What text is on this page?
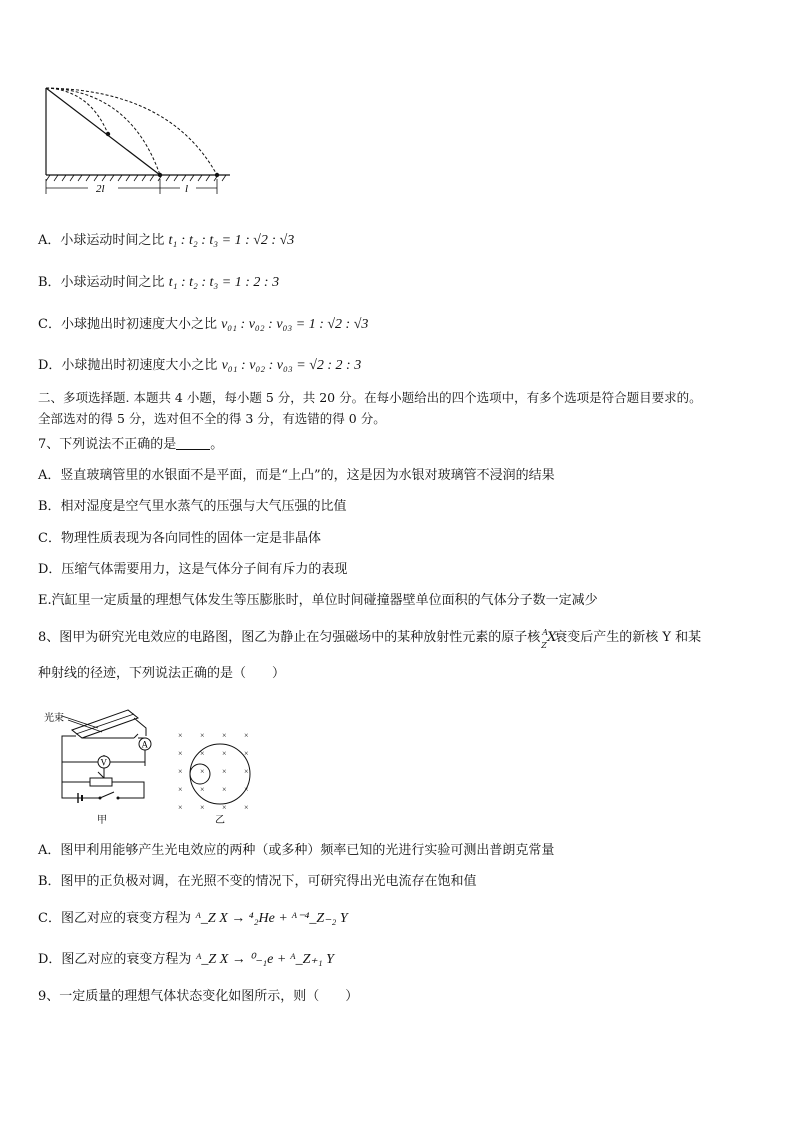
2l	l
A．小球运动时间之比 t₁ : t₂ : t₃ = 1 : √2 : √3
B．小球运动时间之比 t₁ : t₂ : t₃ = 1 : 2 : 3
C．小球抛出时初速度大小之比 v₀₁ : v₀₂ : v₀₃ = 1 : √2 : √3
D．小球抛出时初速度大小之比 v₀₁ : v₀₂ : v₀₃ = √2 : 2 : 3
二、多项选择题. 本题共 4 小题，每小题 5 分，共 20 分。在每小题给出的四个选项中，有多个选项是符合题目要求的。
全部选对的得 5 分，选对但不全的得 3 分，有选错的得 0 分。
7、下列说法不正确的是	。
A．竖直玻璃管里的水银面不是平面，而是“上凸”的，这是因为水银对玻璃管不浸润的结果
B．相对湿度是空气里水蒸气的压强与大气压强的比值
C．物理性质表现为各向同性的固体一定是非晶体
D．压缩气体需要用力，这是气体分子间有斥力的表现
E.汽缸里一定质量的理想气体发生等压膨胀时，单位时间碰撞器壁单位面积的气体分子数一定减少
8、图甲为研究光电效应的电路图，图乙为静止在匀强磁场中的某种放射性元素的原子核 A
Z
X
衰变后产生的新核 Y 和某
种射线的径迹，下列说法正确的是（　　）
光束
A
V
甲
× × × ×
× × × ×
× × × ×
× × × ×
× × × ×
乙
A．图甲利用能够产生光电效应的两种（或多种）频率已知的光进行实验可测出普朗克常量
B．图甲的正负极对调，在光照不变的情况下，可研究得出光电流存在饱和值
C．图乙对应的衰变方程为 ᴬ_Z X → ⁴₂He + ᴬ⁻⁴_Z₋₂ Y
D．图乙对应的衰变方程为 ᴬ_Z X → ⁰₋₁e + ᴬ_Z₊₁ Y
9、一定质量的理想气体状态变化如图所示，则（　　）
